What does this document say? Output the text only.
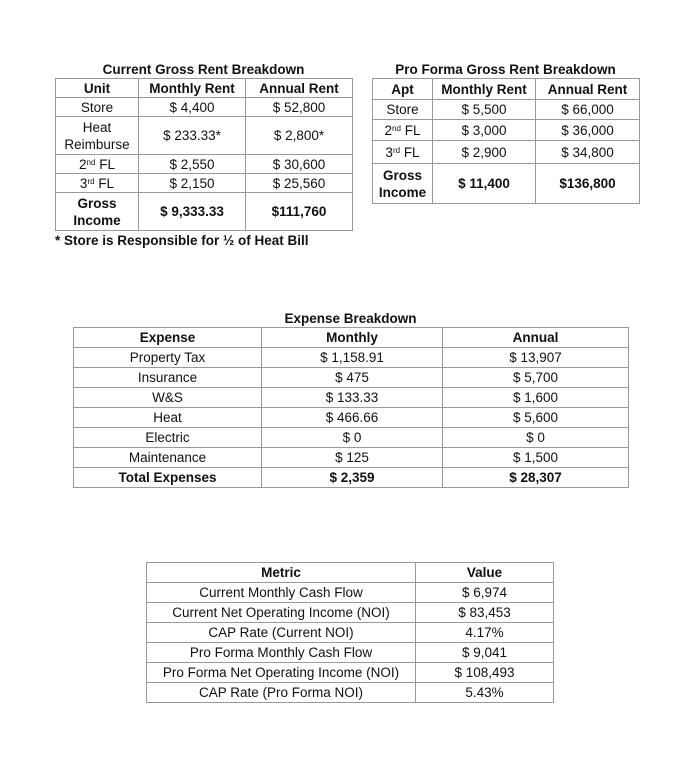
Current Gross Rent Breakdown
Unit	Monthly Rent	Annual Rent
Store	$ 4,400	$ 52,800

Heat
Reimburse	$ 233.33*	$ 2,800*
2nd FL	$ 2,550	$ 30,600
3rd FL	$ 2,150	$ 25,560

Gross
Income	$ 9,333.33	$111,760
* Store is Responsible for ½ of Heat Bill
Pro Forma Gross Rent Breakdown
Apt	Monthly Rent	Annual Rent
Store	$ 5,500	$ 66,000
2nd FL	$ 3,000	$ 36,000
3rd FL	$ 2,900	$ 34,800

Gross
Income	$ 11,400	$136,800
Expense Breakdown
Expense	Monthly	Annual
Property Tax	$ 1,158.91	$ 13,907
Insurance	$ 475	$ 5,700
W&S	$ 133.33	$ 1,600
Heat	$ 466.66	$ 5,600
Electric	$ 0	$ 0
Maintenance	$ 125	$ 1,500
Total Expenses	$ 2,359	$ 28,307
Metric	Value
Current Monthly Cash Flow	$ 6,974
Current Net Operating Income (NOI)	$ 83,453
CAP Rate (Current NOI)	4.17%
Pro Forma Monthly Cash Flow	$ 9,041
Pro Forma Net Operating Income (NOI)	$ 108,493
CAP Rate (Pro Forma NOI)	5.43%
